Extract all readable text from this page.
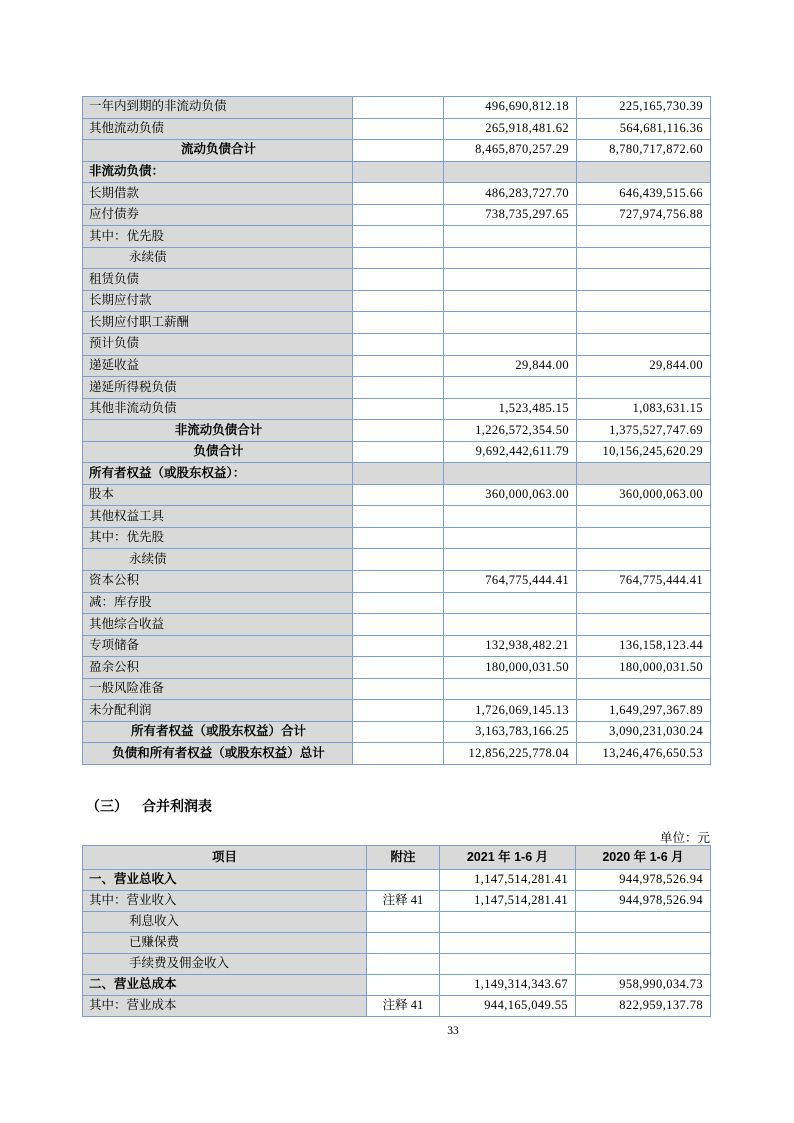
一年内到期的非流动负债		496,690,812.18	225,165,730.39
其他流动负债		265,918,481.62	564,681,116.36
流动负债合计		8,465,870,257.29	8,780,717,872.60
非流动负债：			
长期借款		486,283,727.70	646,439,515.66
应付债券		738,735,297.65	727,974,756.88
其中：优先股			
永续债			
租赁负债			
长期应付款			
长期应付职工薪酬			
预计负债			
递延收益		29,844.00	29,844.00
递延所得税负债			
其他非流动负债		1,523,485.15	1,083,631.15
非流动负债合计		1,226,572,354.50	1,375,527,747.69
负债合计		9,692,442,611.79	10,156,245,620.29
所有者权益（或股东权益）：			
股本		360,000,063.00	360,000,063.00
其他权益工具			
其中：优先股			
永续债			
资本公积		764,775,444.41	764,775,444.41
减：库存股			
其他综合收益			
专项储备		132,938,482.21	136,158,123.44
盈余公积		180,000,031.50	180,000,031.50
一般风险准备			
未分配利润		1,726,069,145.13	1,649,297,367.89
所有者权益（或股东权益）合计		3,163,783,166.25	3,090,231,030.24
负债和所有者权益（或股东权益）总计		12,856,225,778.04	13,246,476,650.53
（三） 合并利润表
单位：元
项目	附注	2021 年 1-6 月	2020 年 1-6 月
一、营业总收入		1,147,514,281.41	944,978,526.94
其中：营业收入	注释 41	1,147,514,281.41	944,978,526.94
利息收入			
已赚保费			
手续费及佣金收入			
二、营业总成本		1,149,314,343.67	958,990,034.73
其中：营业成本	注释 41	944,165,049.55	822,959,137.78
33
